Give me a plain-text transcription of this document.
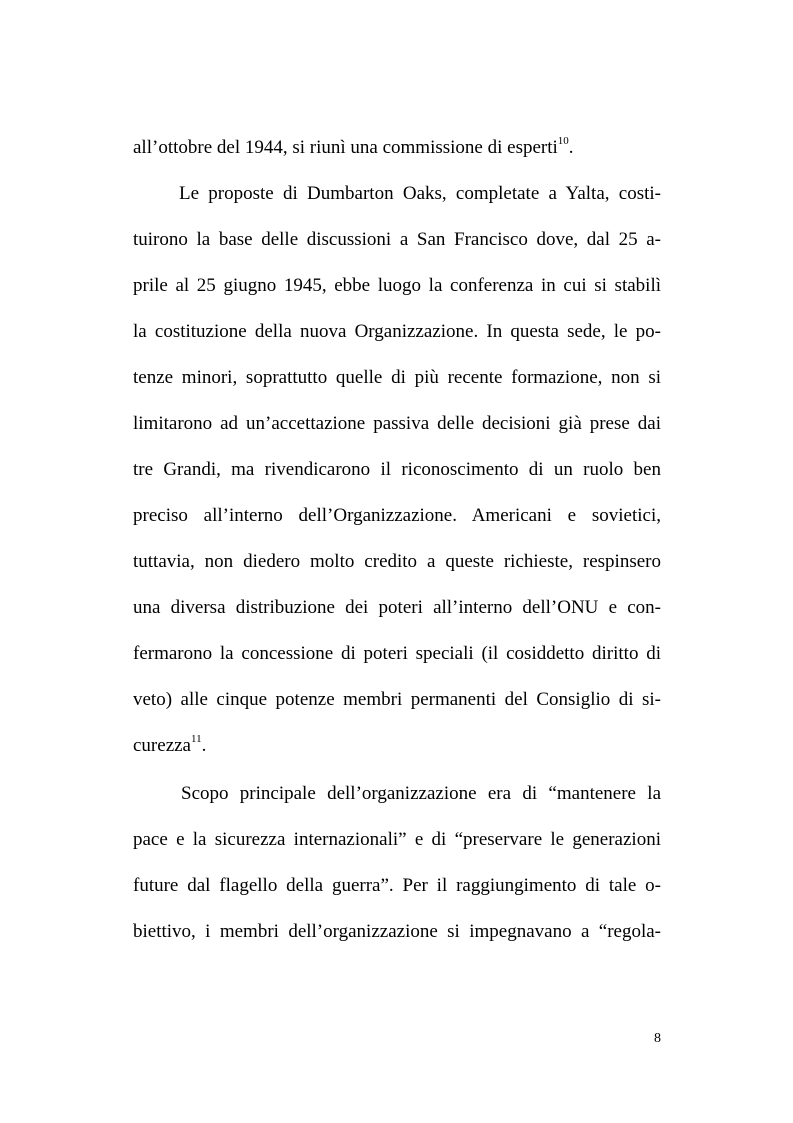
all’ottobre del 1944, si riunì una commissione di esperti$^{10}$.
Le proposte di Dumbarton Oaks, completate a Yalta, costi-
tuirono la base delle discussioni a San Francisco dove, dal 25 a-
prile al 25 giugno 1945, ebbe luogo la conferenza in cui si stabilì
la costituzione della nuova Organizzazione. In questa sede, le po-
tenze minori, soprattutto quelle di più recente formazione, non si
limitarono ad un’accettazione passiva delle decisioni già prese dai
tre Grandi, ma rivendicarono il riconoscimento di un ruolo ben
preciso all’interno dell’Organizzazione. Americani e sovietici,
tuttavia, non diedero molto credito a queste richieste, respinsero
una diversa distribuzione dei poteri all’interno dell’ONU e con-
fermarono la concessione di poteri speciali (il cosiddetto diritto di
veto) alle cinque potenze membri permanenti del Consiglio di si-
curezza$^{11}$.
Scopo principale dell’organizzazione era di “mantenere la
pace e la sicurezza internazionali” e di “preservare le generazioni
future dal flagello della guerra”. Per il raggiungimento di tale o-
biettivo, i membri dell’organizzazione si impegnavano a “regola-
8
